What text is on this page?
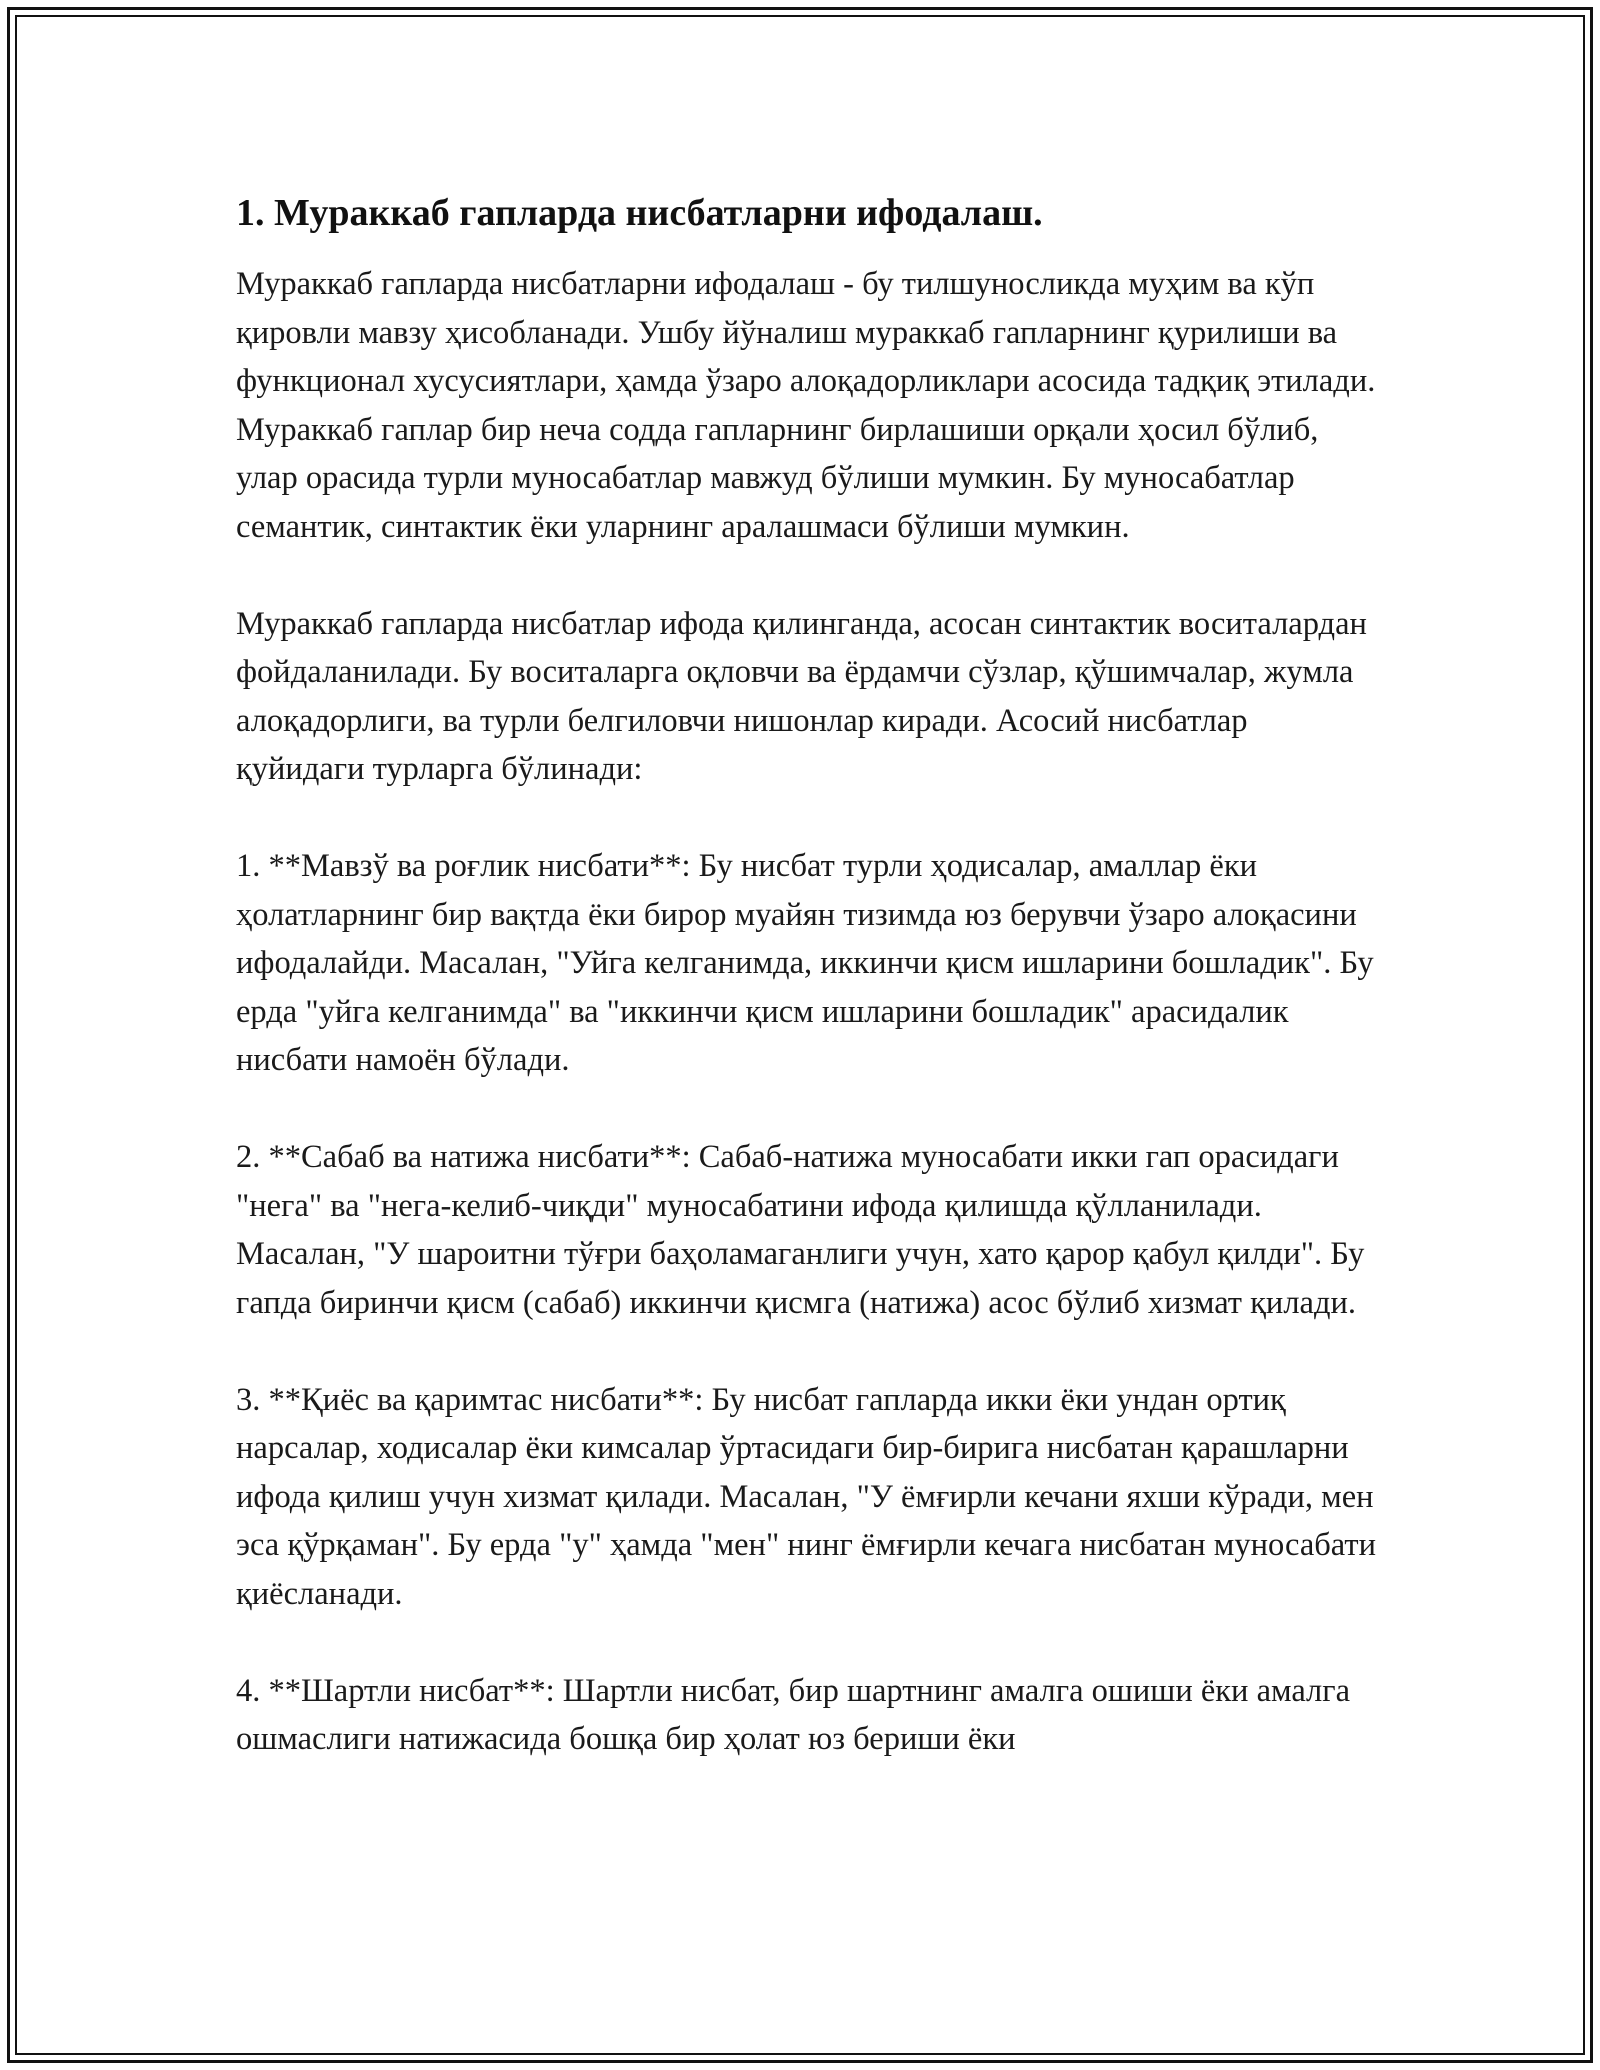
1. Мураккаб гапларда нисбатларни ифодалаш.

Мураккаб гапларда нисбатларни ифодалаш - бу тилшуносликда муҳим ва кўп қировли мавзу ҳисобланади. Ушбу йўналиш мураккаб гапларнинг қурилиши ва функционал хусусиятлари, ҳамда ўзаро алоқадорликлари асосида тадқиқ этилади. Мураккаб гаплар бир неча содда гапларнинг бирлашиши орқали ҳосил бўлиб, улар орасида турли муносабатлар мавжуд бўлиши мумкин. Бу муносабатлар семантик, синтактик ёки уларнинг аралашмаси бўлиши мумкин.

Мураккаб гапларда нисбатлар ифода қилинганда, асосан синтактик воситалардан фойдаланилади. Бу воситаларга оқловчи ва ёрдамчи сўзлар, қўшимчалар, жумла алоқадорлиги, ва турли белгиловчи нишонлар киради. Асосий нисбатлар қуйидаги турларга бўлинади:

1. **Мавзў ва роғлик нисбати**: Бу нисбат турли ҳодисалар, амаллар ёки ҳолатларнинг бир вақтда ёки бирор муайян тизимда юз берувчи ўзаро алоқасини ифодалайди. Масалан, "Уйга келганимда, иккинчи қисм ишларини бошладик". Бу ерда "уйга келганимда" ва "иккинчи қисм ишларини бошладик" арасидалик нисбати намоён бўлади.

2. **Сабаб ва натижа нисбати**: Сабаб-натижа муносабати икки гап орасидаги "нега" ва "нега-келиб-чиқди" муносабатини ифода қилишда қўлланилади. Масалан, "У шароитни тўғри баҳоламаганлиги учун, хато қарор қабул қилди". Бу гапда биринчи қисм (сабаб) иккинчи қисмга (натижа) асос бўлиб хизмат қилади.

3. **Қиёс ва қаримтас нисбати**: Бу нисбат гапларда икки ёки ундан ортиқ нарсалар, ходисалар ёки кимсалар ўртасидаги бир-бирига нисбатан қарашларни ифода қилиш учун хизмат қилади. Масалан, "У ёмғирли кечани яхши кўради, мен эса қўрқаман". Бу ерда "у" ҳамда "мен" нинг ёмғирли кечага нисбатан муносабати қиёсланади.

4. **Шартли нисбат**: Шартли нисбат, бир шартнинг амалга ошиши ёки амалга ошмаслиги натижасида бошқа бир ҳолат юз бериши ёки
